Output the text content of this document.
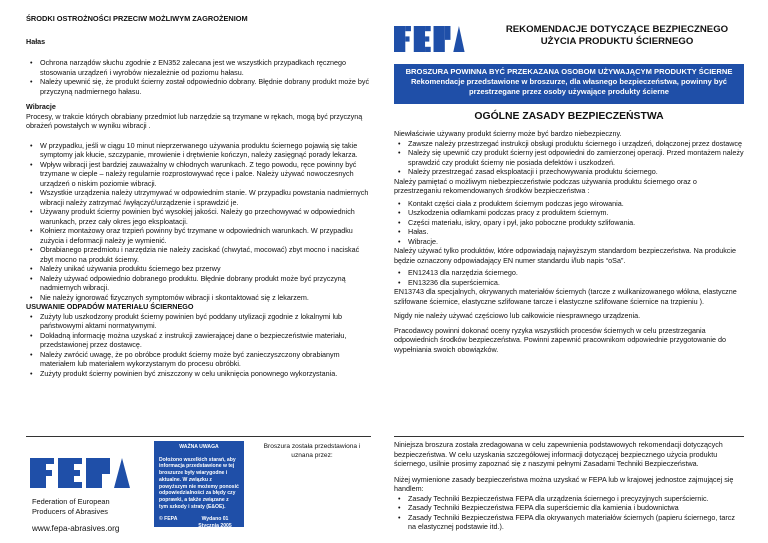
ŚRODKI OSTROŻNOŚCI PRZECIW MOŻLIWYM ZAGROŻENIOM
Hałas
• Ochrona narządów słuchu zgodnie z EN352 zalecana jest we wszystkich przypadkach ręcznego stosowania urządzeń i wyrobów niezależnie od poziomu hałasu.
• Należy upewnić się, że produkt ścierny został odpowiednio dobrany. Błędnie dobrany produkt może być przyczyną nadmiernego hałasu.
Wibracje

Procesy, w trakcie których obrabiany przedmiot lub narzędzie są trzymane w rękach, mogą być przyczyną obrażeń powstałych w wyniku wibracji .

• W przypadku, jeśli w ciągu 10 minut nieprzerwanego używania produktu ściernego pojawią się takie symptomy jak kłucie, szczypanie, mrowienie i drętwienie kończyn, należy zasięgnąć porady lekarza.
• Wpływ wibracji jest bardziej zauważalny w chłodnych warunkach. Z tego powodu, ręce powinny być trzymane w cieple – należy regularnie rozprostowywać ręce i palce. Należy używać nowoczesnych urządzeń o niskim poziomie wibracji.
• Wszystkie urządzenia należy utrzymywać w odpowiednim stanie. W przypadku powstania nadmiernych wibracji należy zatrzymać /wyłączyć/urządzenie i sprawdzić je.
• Używany produkt ścierny powinien być wysokiej jakości. Należy go przechowywać w odpowiednich warunkach, przez cały okres jego eksploatacji.
• Kołnierz montażowy oraz trzpień powinny być trzymane w odpowiednich warunkach. W przypadku zużycia i deformacji należy je wymienić.
• Obrabianego przedmiotu i narzędzia nie należy zaciskać (chwytać, mocować) zbyt mocno i naciskać zbyt mocno na produkt ścierny.
• Należy unikać używania produktu ściernego bez przerwy
• Należy używać odpowiednio dobranego produktu. Błędnie dobrany produkt może być przyczyną nadmiernych wibracji.
• Nie należy ignorować fizycznych symptomów wibracji i skontaktować się z lekarzem.
USUWANIE ODPADÓW MATERIAŁU ŚCIERNEGO
• Zużyty lub uszkodzony produkt ścierny powinien być poddany utylizacji zgodnie z lokalnymi lub państwowymi aktami normatywnymi.
• Dokładną informację można uzyskać z instrukcji zawierającej dane o bezpieczeństwie materiału, przedstawionej przez dostawcę.
• Należy zwrócić uwagę, że po obróbce produkt ścierny może być zanieczyszczony obrabianym materiałem lub materiałem wykorzystanym do procesu obróbki.
• Zużyty produkt ścierny powinien być zniszczony w celu uniknięcia ponownego wykorzystania.
Federation of European
Producers of Abrasives
www.fepa-abrasives.org
WAŻNA UWAGA
Dołożono wszelkich starań, aby informacja przedstawione w tej broszurze były wiarygodne i aktualne. W związku z powyższym nie możemy ponosić odpowiedzialności za błędy czy poprawki, a także związane z tym szkody i straty (E&OE).
© FEPA	Wydano 01 Stycznia 2005
Broszura została przedstawiona i uznana przez:
REKOMENDACJE DOTYCZĄCE BEZPIECZNEGO
UŻYCIA PRODUKTU ŚCIERNEGO

BROSZURA POWINNA BYĆ PRZEKAZANA OSOBOM UŻYWAJĄCYM PRODUKTY ŚCIERNE

Rekomendacje przedstawione w broszurze, dla własnego bezpieczeństwa, powinny być przestrzegane przez osoby używające produkty ścierne

OGÓLNE ZASADY BEZPIECZEŃSTWA

Niewłaściwie używany produkt ścierny może być bardzo niebezpieczny.

• Zawsze należy przestrzegać instrukcji obsługi produktu ściernego i urządzeń, dołączonej przez dostawcę
• Należy się upewnić czy produkt ścierny jest odpowiedni do zamierzonej operacji. Przed montażem należy sprawdzić czy produkt ścierny nie posiada defektów i uszkodzeń.
• Należy przestrzegać zasad eksploatacji i przechowywania produktu ściernego.

Należy pamiętać o możliwym niebezpieczeństwie podczas używania produktu ściernego oraz o przestrzeganiu rekomendowanych środków bezpieczeństwa :

• Kontakt części ciała z produktem ściernym podczas jego wirowania.
• Uszkodzenia odłamkami podczas pracy z produktem ściernym.
• Części materiału, iskry, opary i pył, jako poboczne produkty szlifowania.
• Hałas.
• Wibracje.

Należy używać tylko produktów, które odpowiadają najwyższym standardom bezpieczeństwa. Na produkcie będzie oznaczony odpowiadający EN numer standardu i/lub napis “oSa”.

• EN12413 dla narzędzia ściernego.
• EN13236 dla superściernica.

EN13743 dla specjalnych, okrywanych materiałów ściernych (tarcze z wulkanizowanego włókna, elastyczne szlifowane ściernice, elastyczne szlifowane tarcze i elastyczne szlifowane ściernice na trzpieniu ).

Nigdy nie należy używać częściowo lub całkowicie niesprawnego urządzenia.

Pracodawcy powinni dokonać oceny ryzyka wszystkich procesów ściernych w celu przestrzegania odpowiednich środków bezpieczeństwa. Powinni zapewnić pracownikom odpowiednie przygotowanie do wypełniania swoich obowiązków.

Niniejsza broszura została zredagowana w celu zapewnienia podstawowych rekomendacji dotyczących bezpieczeństwa. W celu uzyskania szczegółowej informacji dotyczącej bezpiecznego użycia produktu ściernego, usilnie prosimy zapoznać się z naszymi pełnymi Zasadami Techniki Bezpieczeństwa.

Niżej wymienione zasady bezpieczeństwa można uzyskać w FEPA lub w krajowej jednostce zajmującej się handlem:

• Zasady Techniki Bezpieczeństwa FEPA dla urządzenia ściernego i precyzyjnych superściernic.
• Zasady Techniki Bezpieczeństwa FEPA dla superściernic dla kamienia i budownictwa
• Zasady Techniki Bezpieczeństwa FEPA dla okrywanych materiałów ściernych (papieru ściernego, tarcz na elastycznej podstawie itd.).
